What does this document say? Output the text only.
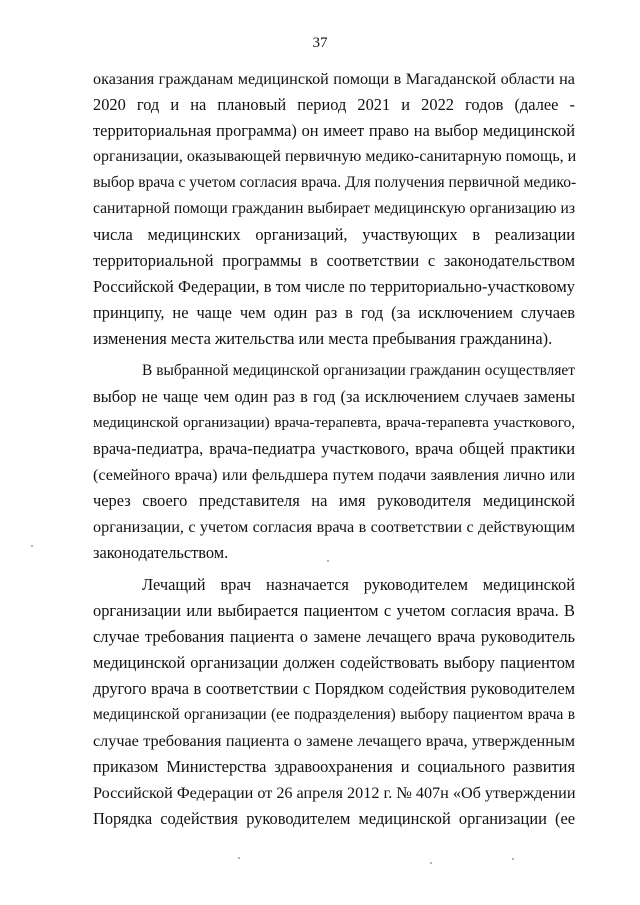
37
оказания гражданам медицинской помощи в Магаданской области на
2020 год и на плановый период 2021 и 2022 годов (далее -
территориальная программа) он имеет право на выбор медицинской
организации, оказывающей первичную медико-санитарную помощь, и
выбор врача с учетом согласия врача. Для получения первичной медико-
санитарной помощи гражданин выбирает медицинскую организацию из
числа медицинских организаций, участвующих в реализации
территориальной программы в соответствии с законодательством
Российской Федерации, в том числе по территориально-участковому
принципу, не чаще чем один раз в год (за исключением случаев
изменения места жительства или места пребывания гражданина).
В выбранной медицинской организации гражданин осуществляет
выбор не чаще чем один раз в год (за исключением случаев замены
медицинской организации) врача-терапевта, врача-терапевта участкового,
врача-педиатра, врача-педиатра участкового, врача общей практики
(семейного врача) или фельдшера путем подачи заявления лично или
через своего представителя на имя руководителя медицинской
организации, с учетом согласия врача в соответствии с действующим
законодательством.
Лечащий врач назначается руководителем медицинской
организации или выбирается пациентом с учетом согласия врача. В
случае требования пациента о замене лечащего врача руководитель
медицинской организации должен содействовать выбору пациентом
другого врача в соответствии с Порядком содействия руководителем
медицинской организации (ее подразделения) выбору пациентом врача в
случае требования пациента о замене лечащего врача, утвержденным
приказом Министерства здравоохранения и социального развития
Российской Федерации от 26 апреля 2012 г. № 407н «Об утверждении
Порядка содействия руководителем медицинской организации (ее
